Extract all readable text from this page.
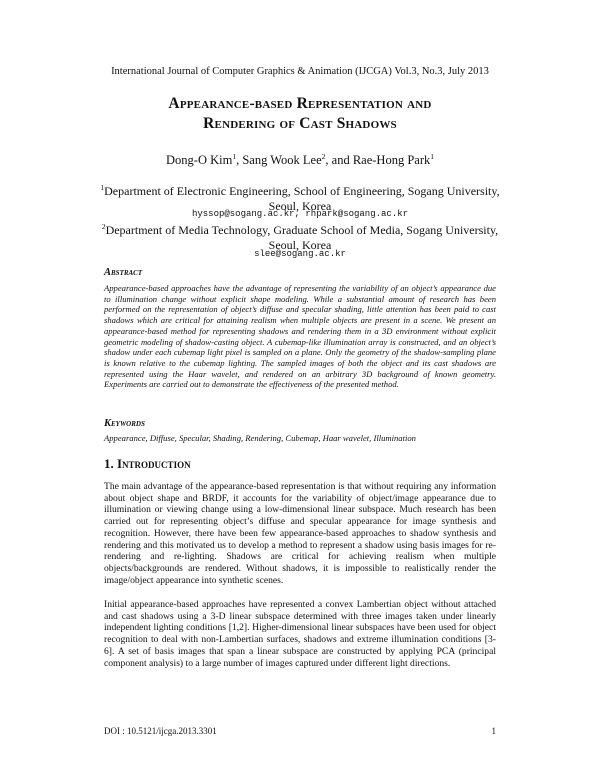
International Journal of Computer Graphics & Animation (IJCGA) Vol.3, No.3, July 2013
Appearance-based Representation and
Rendering of Cast Shadows
Dong-O Kim$^1$, Sang Wook Lee$^2$, and Rae-Hong Park$^1$
$^1$Department of Electronic Engineering, School of Engineering, Sogang University, Seoul, Korea
hyssop@sogang.ac.kr, rhpark@sogang.ac.kr
$^2$Department of Media Technology, Graduate School of Media, Sogang University, Seoul, Korea
slee@sogang.ac.kr
Abstract
Appearance-based approaches have the advantage of representing the variability of an object’s appearance due to illumination change without explicit shape modeling. While a substantial amount of research has been performed on the representation of object’s diffuse and specular shading, little attention has been paid to cast shadows which are critical for attaining realism when multiple objects are present in a scene. We present an appearance-based method for representing shadows and rendering them in a 3D environment without explicit geometric modeling of shadow-casting object. A cubemap-like illumination array is constructed, and an object’s shadow under each cubemap light pixel is sampled on a plane. Only the geometry of the shadow-sampling plane is known relative to the cubemap lighting. The sampled images of both the object and its cast shadows are represented using the Haar wavelet, and rendered on an arbitrary 3D background of known geometry. Experiments are carried out to demonstrate the effectiveness of the presented method.
Keywords
Appearance, Diffuse, Specular, Shading, Rendering, Cubemap, Haar wavelet, Illumination
1. Introduction
The main advantage of the appearance-based representation is that without requiring any information about object shape and BRDF, it accounts for the variability of object/image appearance due to illumination or viewing change using a low-dimensional linear subspace. Much research has been carried out for representing object’s diffuse and specular appearance for image synthesis and recognition. However, there have been few appearance-based approaches to shadow synthesis and rendering and this motivated us to develop a method to represent a shadow using basis images for re-rendering and re-lighting. Shadows are critical for achieving realism when multiple objects/backgrounds are rendered. Without shadows, it is impossible to realistically render the image/object appearance into synthetic scenes.
Initial appearance-based approaches have represented a convex Lambertian object without attached and cast shadows using a 3-D linear subspace determined with three images taken under linearly independent lighting conditions [1,2]. Higher-dimensional linear subspaces have been used for object recognition to deal with non-Lambertian surfaces, shadows and extreme illumination conditions [3-6]. A set of basis images that span a linear subspace are constructed by applying PCA (principal component analysis) to a large number of images captured under different light directions.
DOI : 10.5121/ijcga.2013.3301	1
